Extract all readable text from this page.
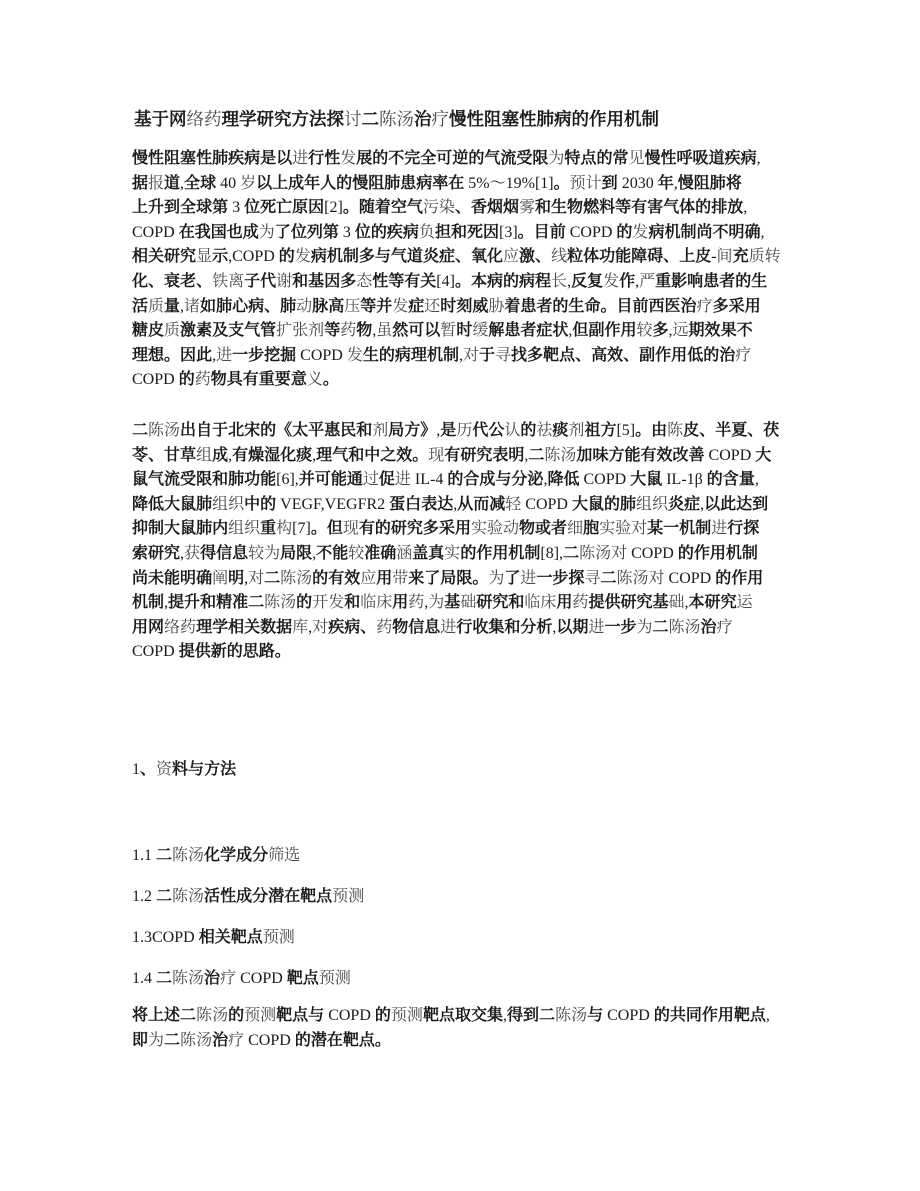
基于网络药理学研究方法探讨二陈汤治疗慢性阻塞性肺病的作用机制
慢性阻塞性肺疾病是以进行性发展的不完全可逆的气流受限为特点的常见慢性呼吸道疾病,
据报道,全球 40 岁以上成年人的慢阻肺患病率在 5%～19%[1]。预计到 2030 年,慢阻肺将
上升到全球第 3 位死亡原因[2]。随着空气污染、香烟烟雾和生物燃料等有害气体的排放,
COPD 在我国也成为了位列第 3 位的疾病负担和死因[3]。目前 COPD 的发病机制尚不明确,
相关研究显示,COPD 的发病机制多与气道炎症、氧化应激、线粒体功能障碍、上皮-间充质转
化、衰老、铁离子代谢和基因多态性等有关[4]。本病的病程长,反复发作,严重影响患者的生
活质量,诸如肺心病、肺动脉高压等并发症还时刻威胁着患者的生命。目前西医治疗多采用
糖皮质激素及支气管扩张剂等药物,虽然可以暂时缓解患者症状,但副作用较多,远期效果不
理想。因此,进一步挖掘 COPD 发生的病理机制,对于寻找多靶点、高效、副作用低的治疗
COPD 的药物具有重要意义。
二陈汤出自于北宋的《太平惠民和剂局方》,是历代公认的祛痰剂祖方[5]。由陈皮、半夏、茯
苓、甘草组成,有燥湿化痰,理气和中之效。现有研究表明,二陈汤加味方能有效改善 COPD 大
鼠气流受限和肺功能[6],并可能通过促进 IL-4 的合成与分泌,降低 COPD 大鼠 IL-1β 的含量,
降低大鼠肺组织中的 VEGF,VEGFR2 蛋白表达,从而减轻 COPD 大鼠的肺组织炎症,以此达到
抑制大鼠肺内组织重构[7]。但现有的研究多采用实验动物或者细胞实验对某一机制进行探
索研究,获得信息较为局限,不能较准确涵盖真实的作用机制[8],二陈汤对 COPD 的作用机制
尚未能明确阐明,对二陈汤的有效应用带来了局限。为了进一步探寻二陈汤对 COPD 的作用
机制,提升和精准二陈汤的开发和临床用药,为基础研究和临床用药提供研究基础,本研究运
用网络药理学相关数据库,对疾病、药物信息进行收集和分析,以期进一步为二陈汤治疗
COPD 提供新的思路。
1、资料与方法
1.1 二陈汤化学成分筛选
1.2 二陈汤活性成分潜在靶点预测
1.3COPD 相关靶点预测
1.4 二陈汤治疗 COPD 靶点预测
将上述二陈汤的预测靶点与 COPD 的预测靶点取交集,得到二陈汤与 COPD 的共同作用靶点,
即为二陈汤治疗 COPD 的潜在靶点。
